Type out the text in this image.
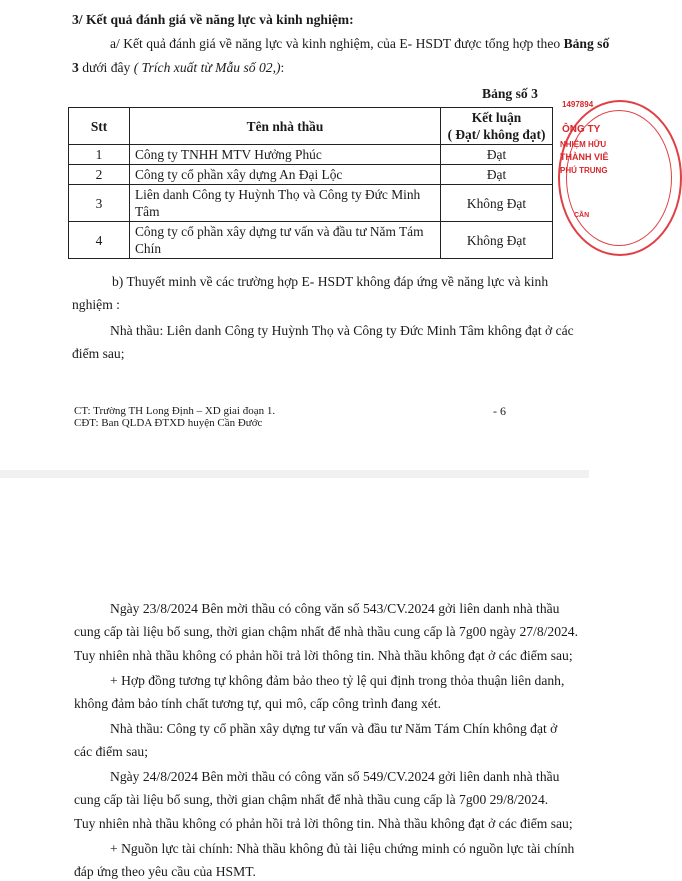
3/ Kết quả đánh giá về năng lực và kinh nghiệm:
a/ Kết quả đánh giá về năng lực và kinh nghiệm, của E- HSDT được tổng hợp theo Bảng số
3 dưới đây ( Trích xuất từ Mẫu số 02,):
Bảng số 3
Stt	Tên nhà thầu	Kết luận
( Đạt/ không đạt)
1	Công ty TNHH MTV Hưởng Phúc	Đạt
2	Công ty cổ phần xây dựng An Đại Lộc	Đạt
3	Liên danh Công ty Huỳnh Thọ và Công ty Đức Minh
Tâm	Không Đạt
4	Công ty cổ phần xây dựng tư vấn và đầu tư Năm Tám
Chín	Không Đạt
1497894
ÔNG TY
NHIỆM HỮU
THÀNH VIÊ
PHÚ TRUNG
CẦN
b) Thuyết minh về các trường hợp E- HSDT không đáp ứng về năng lực và kinh
nghiệm :
Nhà thầu: Liên danh Công ty Huỳnh Thọ và Công ty Đức Minh Tâm không đạt ở các
điểm sau;
CT: Trường TH Long Định – XD giai đoạn 1.
CĐT: Ban QLDA ĐTXD huyện Cần Đước
- 6
Ngày 23/8/2024 Bên mời thầu có công văn số 543/CV.2024 gởi liên danh nhà thầu
cung cấp tài liệu bổ sung, thời gian chậm nhất để nhà thầu cung cấp là 7g00 ngày 27/8/2024.
Tuy nhiên nhà thầu không có phản hồi trả lời thông tin. Nhà thầu không đạt ở các điểm sau;
+ Hợp đồng tương tự không đảm bảo theo tỷ lệ qui định trong thỏa thuận liên danh,
không đảm bảo tính chất tương tự, qui mô, cấp công trình đang xét.
Nhà thầu: Công ty cổ phần xây dựng tư vấn và đầu tư Năm Tám Chín không đạt ở
các điểm sau;
Ngày 24/8/2024 Bên mời thầu có công văn số 549/CV.2024 gởi liên danh nhà thầu
cung cấp tài liệu bổ sung, thời gian chậm nhất để nhà thầu cung cấp là 7g00 29/8/2024.
Tuy nhiên nhà thầu không có phản hồi trả lời thông tin. Nhà thầu không đạt ở các điểm sau;
+ Nguồn lực tài chính: Nhà thầu không đủ tài liệu chứng minh có nguồn lực tài chính
đáp ứng theo yêu cầu của HSMT.
